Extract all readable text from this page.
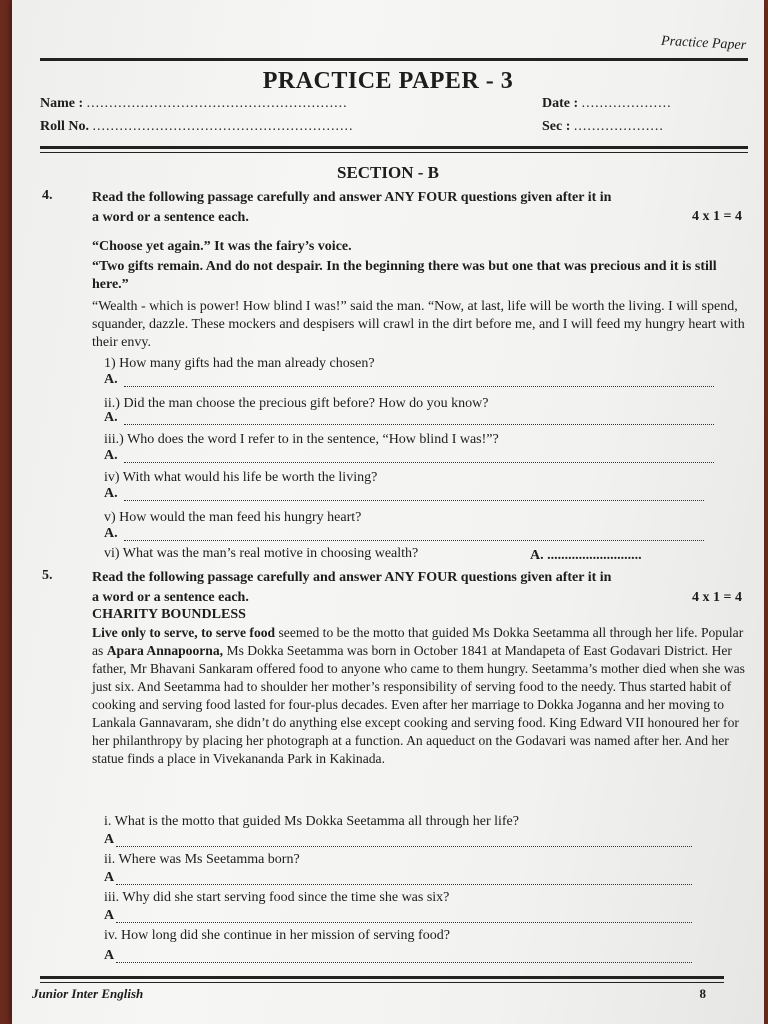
Practice Paper
PRACTICE PAPER - 3
Name : ..........................................................	Date : ....................
Roll No. ..........................................................	Sec : ....................
SECTION - B
4.	Read the following passage carefully and answer ANY FOUR questions given after it in
a word or a sentence each.	4 x 1 = 4
“Choose yet again.” It was the fairy’s voice.
“Two gifts remain. And do not despair. In the beginning there was but one that was precious and it is still here.”
“Wealth - which is power! How blind I was!” said the man. “Now, at last, life will be worth the living. I will spend, squander, dazzle. These mockers and despisers will crawl in the dirt before me, and I will feed my hungry heart with their envy.
1) How many gifts had the man already chosen?
A.
ii.) Did the man choose the precious gift before? How do you know?
A.
iii.) Who does the word I refer to in the sentence, “How blind I was!”?
A.
iv) With what would his life be worth the living?
A.
v) How would the man feed his hungry heart?
A.
vi) What was the man’s real motive in choosing wealth?	A. ...........................
5.	Read the following passage carefully and answer ANY FOUR questions given after it in
a word or a sentence each.	4 x 1 = 4
CHARITY BOUNDLESS
Live only to serve, to serve food seemed to be the motto that guided Ms Dokka Seetamma all through her life. Popular as Apara Annapoorna, Ms Dokka Seetamma was born in October 1841 at Mandapeta of East Godavari District. Her father, Mr Bhavani Sankaram offered food to anyone who came to them hungry. Seetamma’s mother died when she was just six. And Seetamma had to shoulder her mother’s responsibility of serving food to the needy. Thus started habit of cooking and serving food lasted for four-plus decades. Even after her marriage to Dokka Joganna and her moving to Lankala Gannavaram, she didn’t do anything else except cooking and serving food. King Edward VII honoured her for her philanthropy by placing her photograph at a function. An aqueduct on the Godavari was named after her. And her statue finds a place in Vivekananda Park in Kakinada.
i. What is the motto that guided Ms Dokka Seetamma all through her life?
A
ii. Where was Ms Seetamma born?
A
iii. Why did she start serving food since the time she was six?
A
iv. How long did she continue in her mission of serving food?
A
Junior Inter English	8
